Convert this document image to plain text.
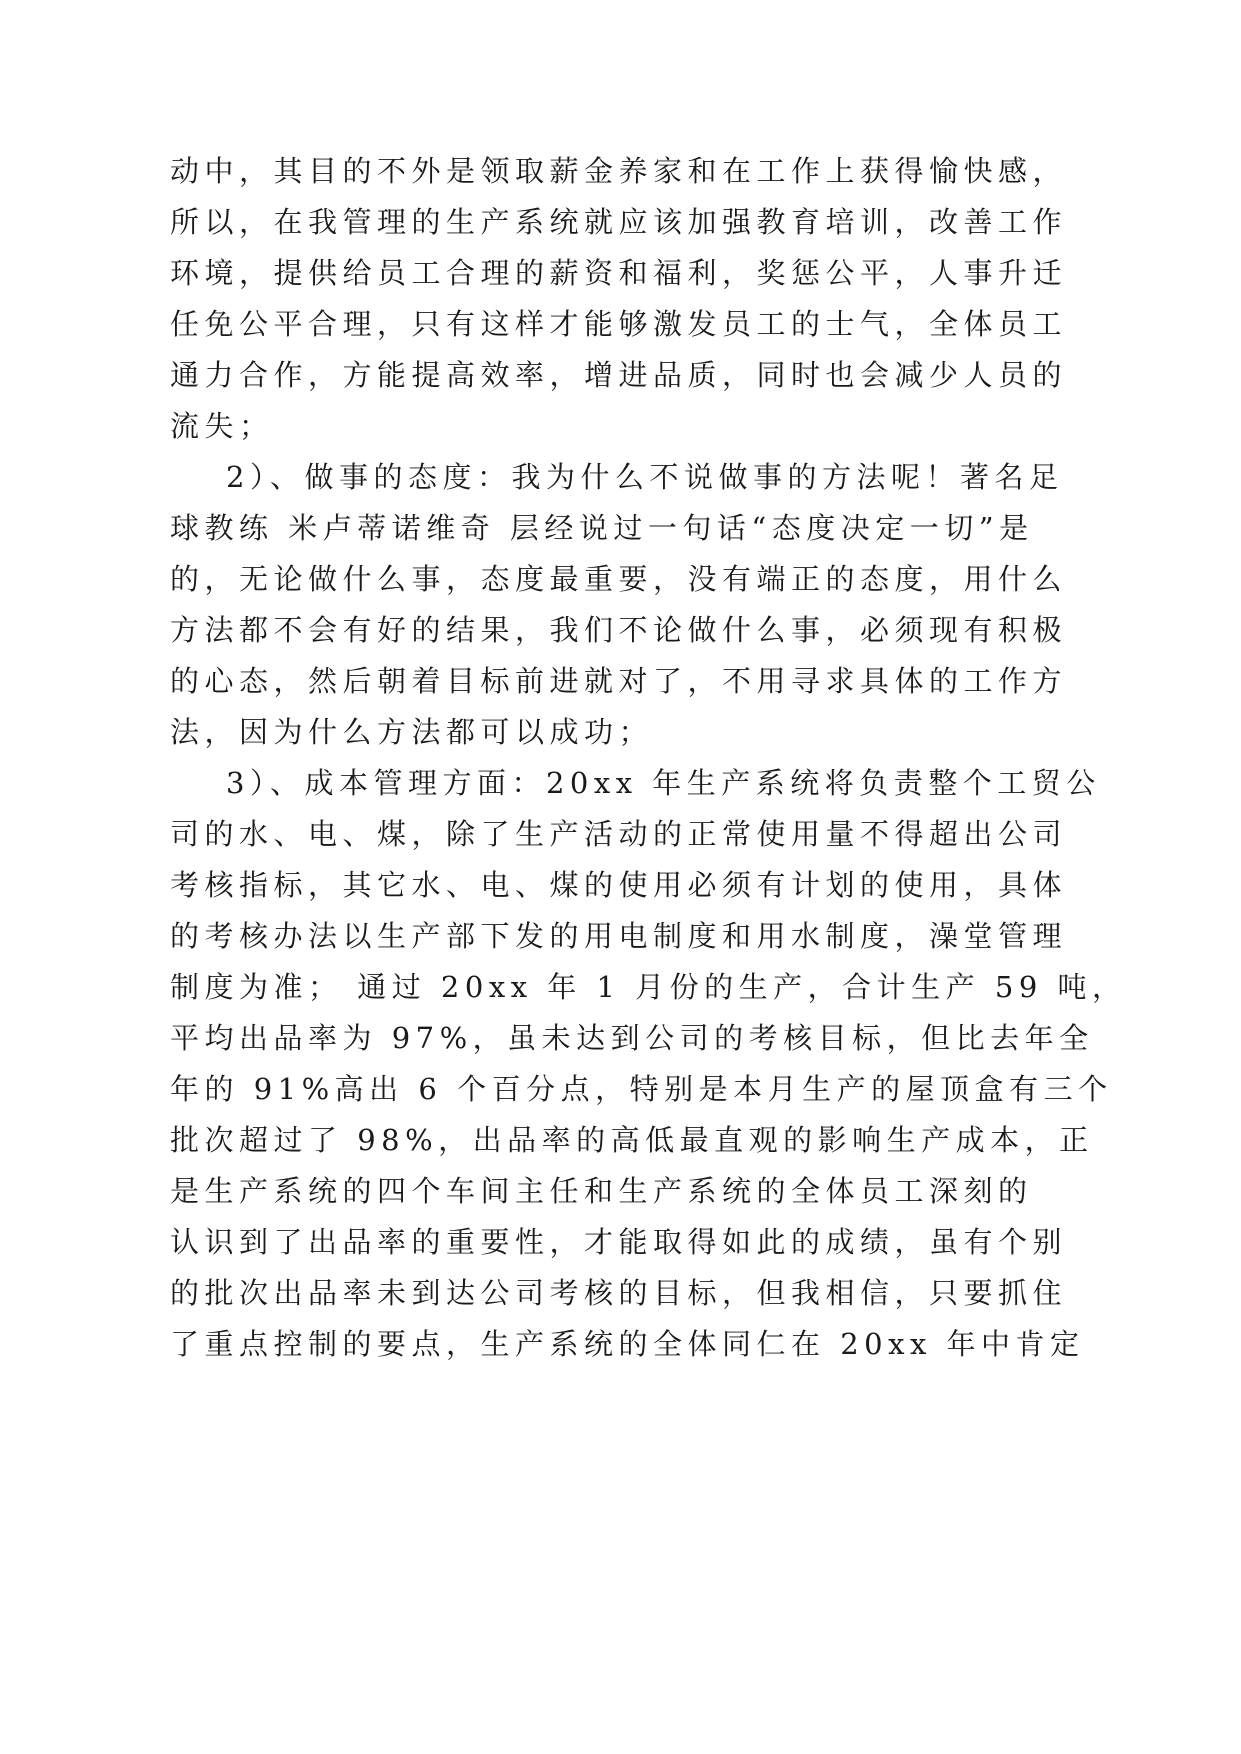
动中，其目的不外是领取薪金养家和在工作上获得愉快感，
所以，在我管理的生产系统就应该加强教育培训，改善工作
环境，提供给员工合理的薪资和福利，奖惩公平，人事升迁
任免公平合理，只有这样才能够激发员工的士气，全体员工
通力合作，方能提高效率，增进品质，同时也会减少人员的
流失；
2）、做事的态度：我为什么不说做事的方法呢！著名足
球教练 米卢蒂诺维奇 层经说过一句话“态度决定一切”是
的，无论做什么事，态度最重要，没有端正的态度，用什么
方法都不会有好的结果，我们不论做什么事，必须现有积极
的心态，然后朝着目标前进就对了，不用寻求具体的工作方
法，因为什么方法都可以成功；
3）、成本管理方面：20xx 年生产系统将负责整个工贸公
司的水、电、煤，除了生产活动的正常使用量不得超出公司
考核指标，其它水、电、煤的使用必须有计划的使用，具体
的考核办法以生产部下发的用电制度和用水制度，澡堂管理
制度为准； 通过 20xx 年 1 月份的生产，合计生产 59 吨，
平均出品率为 97%，虽未达到公司的考核目标，但比去年全
年的 91%高出 6 个百分点，特别是本月生产的屋顶盒有三个
批次超过了 98%，出品率的高低最直观的影响生产成本，正
是生产系统的四个车间主任和生产系统的全体员工深刻的
认识到了出品率的重要性，才能取得如此的成绩，虽有个别
的批次出品率未到达公司考核的目标，但我相信，只要抓住
了重点控制的要点，生产系统的全体同仁在 20xx 年中肯定
